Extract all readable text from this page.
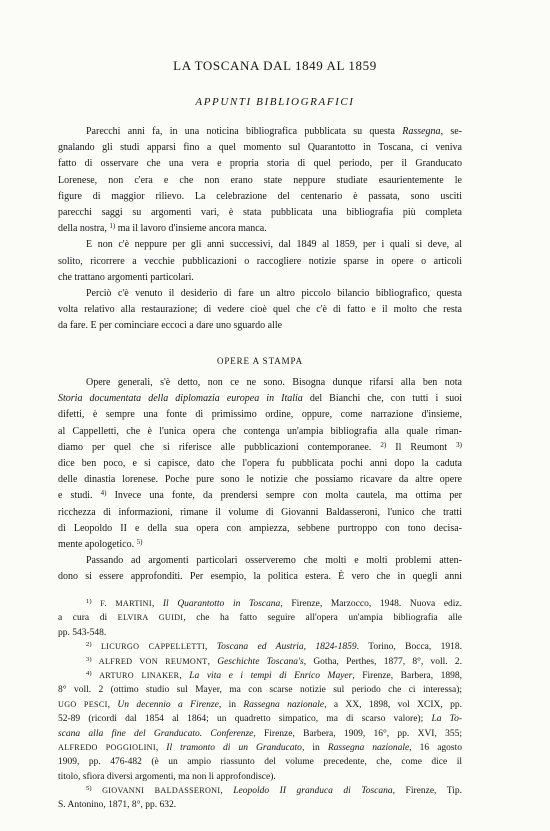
LA TOSCANA DAL 1849 AL 1859
APPUNTI BIBLIOGRAFICI
Parecchi anni fa, in una noticina bibliografica pubblicata su questa Rassegna, se-
gnalando gli studi apparsi fino a quel momento sul Quarantotto in Toscana, ci veniva
fatto di osservare che una vera e propria storia di quel periodo, per il Granducato
Lorenese, non c'era e che non erano state neppure studiate esaurientemente le
figure di maggior rilievo. La celebrazione del centenario è passata, sono usciti
parecchi saggi su argomenti vari, è stata pubblicata una bibliografia più completa
della nostra, $^{1)}$ ma il lavoro d'insieme ancora manca.
E non c'è neppure per gli anni successivi, dal 1849 al 1859, per i quali si deve, al
solito, ricorrere a vecchie pubblicazioni o raccogliere notizie sparse in opere o articoli
che trattano argomenti particolari.
Perciò c'è venuto il desiderio di fare un altro piccolo bilancio bibliografico, questa
volta relativo alla restaurazione; di vedere cioè quel che c'è di fatto e il molto che resta
da fare. E per cominciare eccoci a dare uno sguardo alle
OPERE A STAMPA
Opere generali, s'è detto, non ce ne sono. Bisogna dunque rifarsi alla ben nota
Storia documentata della diplomazia europea in Italia del Bianchi che, con tutti i suoi
difetti, è sempre una fonte di primissimo ordine, oppure, come narrazione d'insieme,
al Cappelletti, che è l'unica opera che contenga un'ampia bibliografia alla quale riman-
diamo per quel che si riferisce alle pubblicazioni contemporanee. $^{2)}$ Il Reumont $^{3)}$
dice ben poco, e si capisce, dato che l'opera fu pubblicata pochi anni dopo la caduta
delle dinastia lorenese. Poche pure sono le notizie che possiamo ricavare da altre opere
e studi. $^{4)}$ Invece una fonte, da prendersi sempre con molta cautela, ma ottima per
ricchezza di informazioni, rimane il volume di Giovanni Baldasseroni, l'unico che tratti
di Leopoldo II e della sua opera con ampiezza, sebbene purtroppo con tono decisa-
mente apologetico. $^{5)}$
Passando ad argomenti particolari osserveremo che molti e molti problemi atten-
dono si essere approfonditi. Per esempio, la politica estera. È vero che in quegli anni
$^{1)}$ F. MARTINI, Il Quarantotto in Toscana, Firenze, Marzocco, 1948. Nuova ediz.
a cura di ELVIRA GUIDI, che ha fatto seguire all'opera un'ampia bibliografia alle
pp. 543-548.
$^{2)}$ LICURGO CAPPELLETTI, Toscana ed Austria, 1824-1859. Torino, Bocca, 1918.
$^{3)}$ ALFRED VON REUMONT, Geschichte Toscana's, Gotha, Perthes, 1877, 8°, voll. 2.
$^{4)}$ ARTURO LINAKER, La vita e i tempi di Enrico Mayer, Firenze, Barbera, 1898,
8° voll. 2 (ottimo studio sul Mayer, ma con scarse notizie sul periodo che ci interessa);
UGO PESCI, Un decennio a Firenze, in Rassegna nazionale, a XX, 1898, vol XCIX, pp.
52-89 (ricordi dal 1854 al 1864; un quadretto simpatico, ma di scarso valore); La To-
scana alla fine del Granducato. Conferenze, Firenze, Barbera, 1909, 16°, pp. XVI, 355;
ALFREDO POGGIOLINI, Il tramonto di un Granducato, in Rassegna nazionale, 16 agosto
1909, pp. 476-482 (è un ampio riassunto del volume precedente, che, come dice il
titolo, sfiora diversi argomenti, ma non li approfondisce).
$^{5)}$ GIOVANNI BALDASSERONI, Leopoldo II granduca di Toscana, Firenze, Tip.
S. Antonino, 1871, 8°, pp. 632.
